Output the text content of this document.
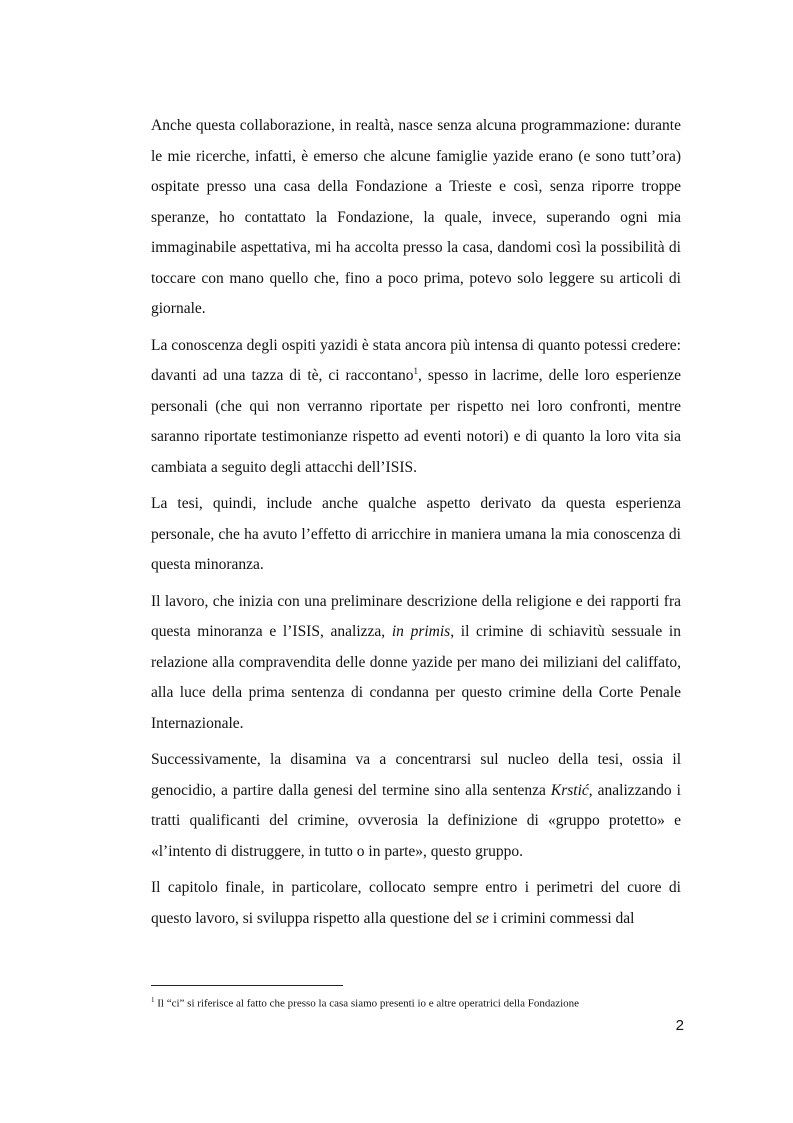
Anche questa collaborazione, in realtà, nasce senza alcuna programmazione: durante le mie ricerche, infatti, è emerso che alcune famiglie yazide erano (e sono tutt’ora) ospitate presso una casa della Fondazione a Trieste e così, senza riporre troppe speranze, ho contattato la Fondazione, la quale, invece, superando ogni mia immaginabile aspettativa, mi ha accolta presso la casa, dandomi così la possibilità di toccare con mano quello che, fino a poco prima, potevo solo leggere su articoli di giornale.

La conoscenza degli ospiti yazidi è stata ancora più intensa di quanto potessi credere: davanti ad una tazza di tè, ci raccontano$^1$, spesso in lacrime, delle loro esperienze personali (che qui non verranno riportate per rispetto nei loro confronti, mentre saranno riportate testimonianze rispetto ad eventi notori) e di quanto la loro vita sia cambiata a seguito degli attacchi dell’ISIS.

La tesi, quindi, include anche qualche aspetto derivato da questa esperienza personale, che ha avuto l’effetto di arricchire in maniera umana la mia conoscenza di questa minoranza.

Il lavoro, che inizia con una preliminare descrizione della religione e dei rapporti fra questa minoranza e l’ISIS, analizza, in primis, il crimine di schiavitù sessuale in relazione alla compravendita delle donne yazide per mano dei miliziani del califfato, alla luce della prima sentenza di condanna per questo crimine della Corte Penale Internazionale.

Successivamente, la disamina va a concentrarsi sul nucleo della tesi, ossia il genocidio, a partire dalla genesi del termine sino alla sentenza Krstić, analizzando i tratti qualificanti del crimine, ovverosia la definizione di «gruppo protetto» e «l’intento di distruggere, in tutto o in parte», questo gruppo.

Il capitolo finale, in particolare, collocato sempre entro i perimetri del cuore di questo lavoro, si sviluppa rispetto alla questione del se i crimini commessi dal

$^1$ Il “ci” si riferisce al fatto che presso la casa siamo presenti io e altre operatrici della Fondazione
2
